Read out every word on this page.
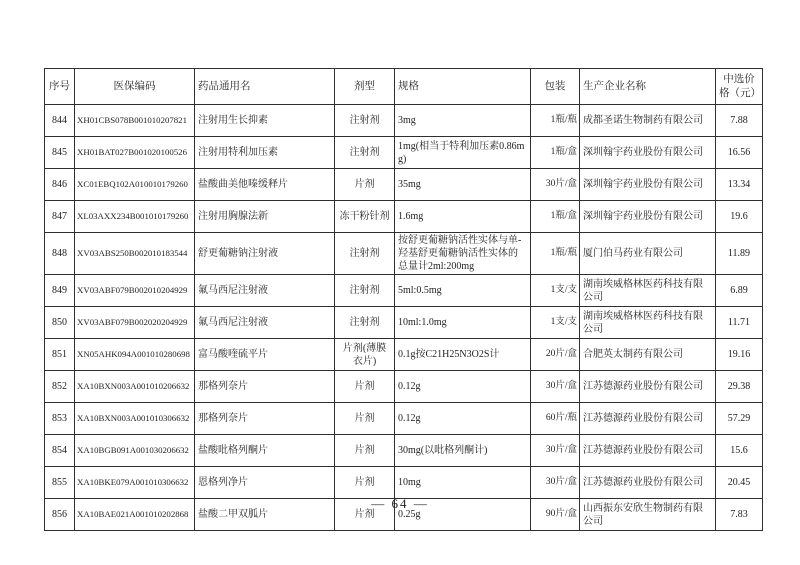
序号	医保编码	药品通用名	剂型	规格	包装	生产企业名称	中选价格（元）
844	XH01CBS078B001010207821	注射用生长抑素	注射剂	3mg	1瓶/瓶	成都圣诺生物制药有限公司	7.88
845	XH01BAT027B001020100526	注射用特利加压素	注射剂	1mg(相当于特利加压素0.86mg)	1瓶/盒	深圳翰宇药业股份有限公司	16.56
846	XC01EBQ102A010010179260	盐酸曲美他嗪缓释片	片剂	35mg	30片/盒	深圳翰宇药业股份有限公司	13.34
847	XL03AXX234B001010179260	注射用胸腺法新	冻干粉针剂	1.6mg	1瓶/盒	深圳翰宇药业股份有限公司	19.6
848	XV03ABS250B002010183544	舒更葡糖钠注射液	注射剂	按舒更葡糖钠活性实体与单-羟基舒更葡糖钠活性实体的总量计2ml:200mg	1瓶/瓶	厦门伯马药业有限公司	11.89
849	XV03ABF079B002010204929	氟马西尼注射液	注射剂	5ml:0.5mg	1支/支	湖南埃威格林医药科技有限公司	6.89
850	XV03ABF079B002020204929	氟马西尼注射液	注射剂	10ml:1.0mg	1支/支	湖南埃威格林医药科技有限公司	11.71
851	XN05AHK094A001010280698	富马酸喹硫平片	片剂(薄膜衣片)	0.1g按C21H25N3O2S计	20片/盒	合肥英太制药有限公司	19.16
852	XA10BXN003A001010206632	那格列奈片	片剂	0.12g	30片/盒	江苏德源药业股份有限公司	29.38
853	XA10BXN003A001010306632	那格列奈片	片剂	0.12g	60片/瓶	江苏德源药业股份有限公司	57.29
854	XA10BGB091A001030206632	盐酸吡格列酮片	片剂	30mg(以吡格列酮计)	30片/盒	江苏德源药业股份有限公司	15.6
855	XA10BKE079A001010306632	恩格列净片	片剂	10mg	30片/盒	江苏德源药业股份有限公司	20.45
856	XA10BAE021A001010202868	盐酸二甲双胍片	片剂	0.25g	90片/盒	山西振东安欣生物制药有限公司	7.83
— 64 —
